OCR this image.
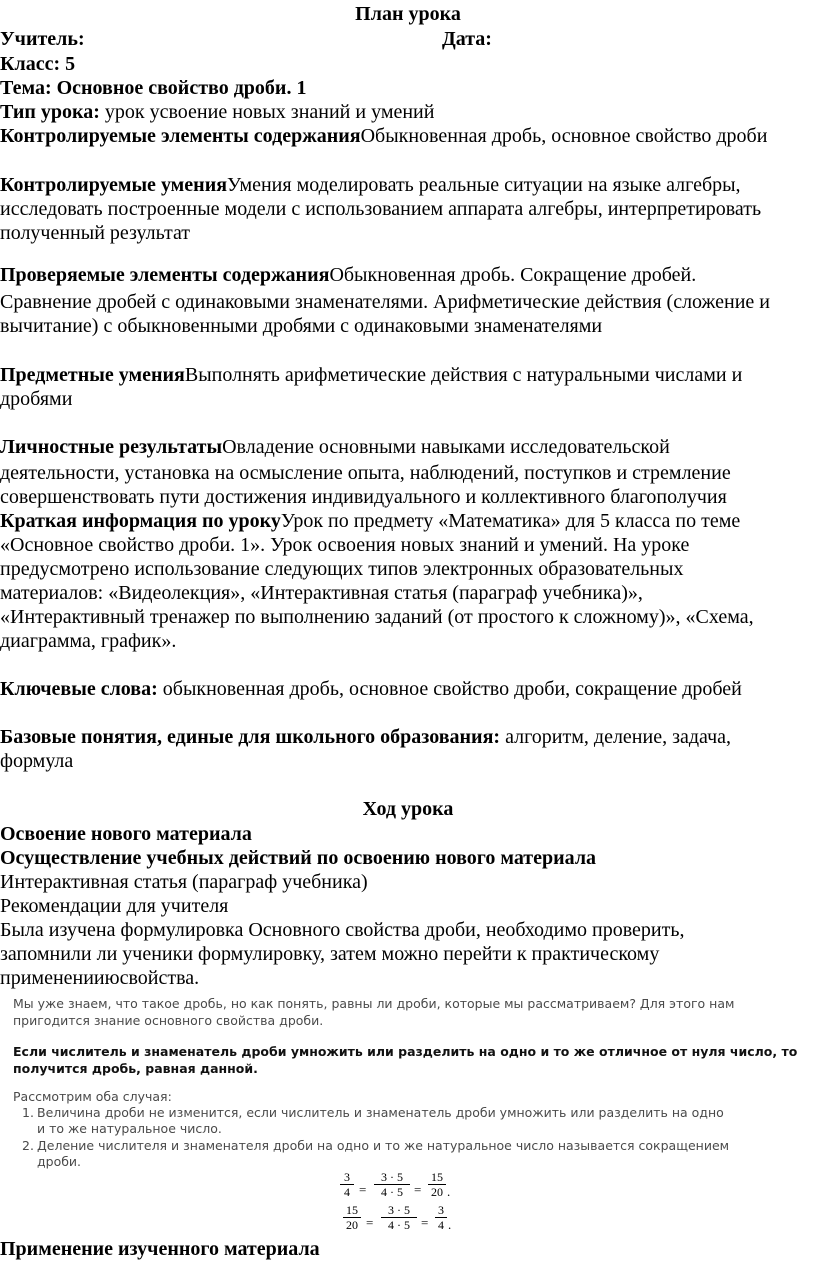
План урока
Учитель:	Дата:
Класс: 5
Тема: Основное свойство дроби. 1
Тип урока: урок усвоение новых знаний и умений
Контролируемые элементы содержанияОбыкновенная дробь, основное свойство дроби
Контролируемые уменияУмения моделировать реальные ситуации на языке алгебры,
исследовать построенные модели с использованием аппарата алгебры, интерпретировать
полученный результат
Проверяемые элементы содержанияОбыкновенная дробь. Сокращение дробей.
Сравнение дробей с одинаковыми знаменателями. Арифметические действия (сложение и
вычитание) с обыкновенными дробями с одинаковыми знаменателями
Предметные уменияВыполнять арифметические действия с натуральными числами и
дробями
Личностные результатыОвладение основными навыками исследовательской
деятельности, установка на осмысление опыта, наблюдений, поступков и стремление
совершенствовать пути достижения индивидуального и коллективного благополучия
Краткая информация по урокуУрок по предмету «Математика» для 5 класса по теме
«Основное свойство дроби. 1». Урок освоения новых знаний и умений. На уроке
предусмотрено использование следующих типов электронных образовательных
материалов: «Видеолекция», «Интерактивная статья (параграф учебника)»,
«Интерактивный тренажер по выполнению заданий (от простого к сложному)», «Схема,
диаграмма, график».
Ключевые слова: обыкновенная дробь, основное свойство дроби, сокращение дробей
Базовые понятия, единые для школьного образования: алгоритм, деление, задача,
формула
Ход урока
Освоение нового материала
Осуществление учебных действий по освоению нового материала
Интерактивная статья (параграф учебника)
Рекомендации для учителя
Была изучена формулировка Основного свойства дроби, необходимо проверить,
запомнили ли ученики формулировку, затем можно перейти к практическому
примененииюсвойства.
Мы уже знаем, что такое дробь, но как понять, равны ли дроби, которые мы рассматриваем? Для этого нам
пригодится знание основного свойства дроби.
Если числитель и знаменатель дроби умножить или разделить на одно и то же отличное от нуля число, то
получится дробь, равная данной.
Рассмотрим оба случая:
1. Величина дроби не изменится, если числитель и знаменатель дроби умножить или разделить на одно
и то же натуральное число.
2. Деление числителя и знаменателя дроби на одно и то же натуральное число называется сокращением
дроби.
$\frac{3}{4} = \frac{3 \cdot 5}{4 \cdot 5} = \frac{15}{20}$ .
$\frac{15}{20} = \frac{3 \cdot 5}{4 \cdot 5} = \frac{3}{4}$ .
Применение изученного материала
